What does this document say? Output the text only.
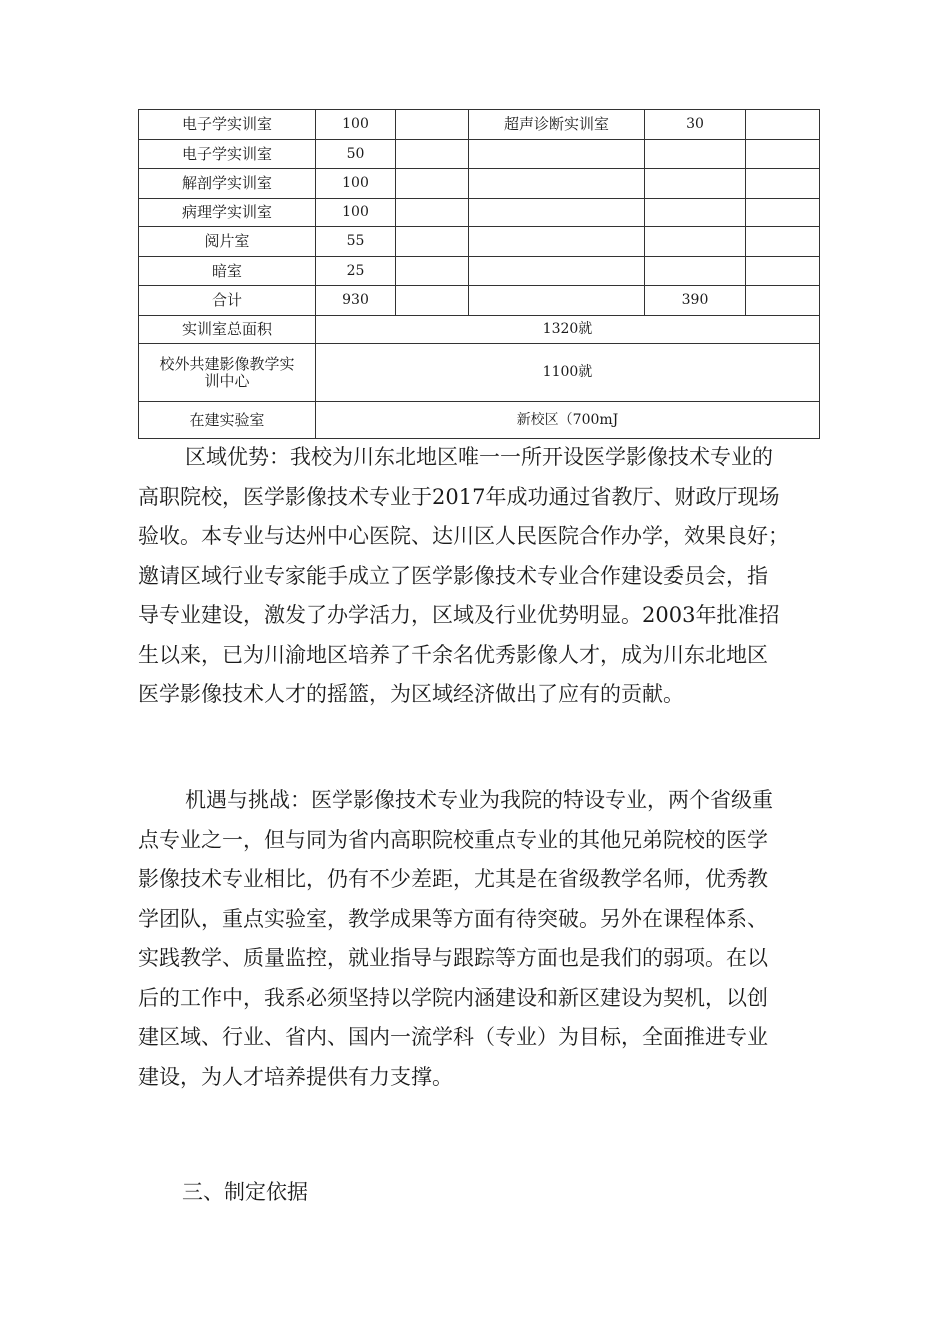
电子学实训室	100		超声诊断实训室	30	
电子学实训室	50				
解剖学实训室	100				
病理学实训室	100				
阅片室	55				
暗室	25				
合计	930			390	
实训室总面积	1320就				
校外共建影像教学实
训中心	1100就				
在建实验室	新校区（700mJ				
区域优势：我校为川东北地区唯一一所开设医学影像技术专业的
高职院校，医学影像技术专业于2017年成功通过省教厅、财政厅现场
验收。本专业与达州中心医院、达川区人民医院合作办学，效果良好；
邀请区域行业专家能手成立了医学影像技术专业合作建设委员会，指
导专业建设，激发了办学活力，区域及行业优势明显。2003年批准招
生以来，已为川渝地区培养了千余名优秀影像人才，成为川东北地区
医学影像技术人才的摇篮，为区域经济做出了应有的贡献。
机遇与挑战：医学影像技术专业为我院的特设专业，两个省级重
点专业之一，但与同为省内高职院校重点专业的其他兄弟院校的医学
影像技术专业相比，仍有不少差距，尤其是在省级教学名师，优秀教
学团队，重点实验室，教学成果等方面有待突破。另外在课程体系、
实践教学、质量监控，就业指导与跟踪等方面也是我们的弱项。在以
后的工作中，我系必须坚持以学院内涵建设和新区建设为契机，以创
建区域、行业、省内、国内一流学科（专业）为目标，全面推进专业
建设，为人才培养提供有力支撑。

三、制定依据
